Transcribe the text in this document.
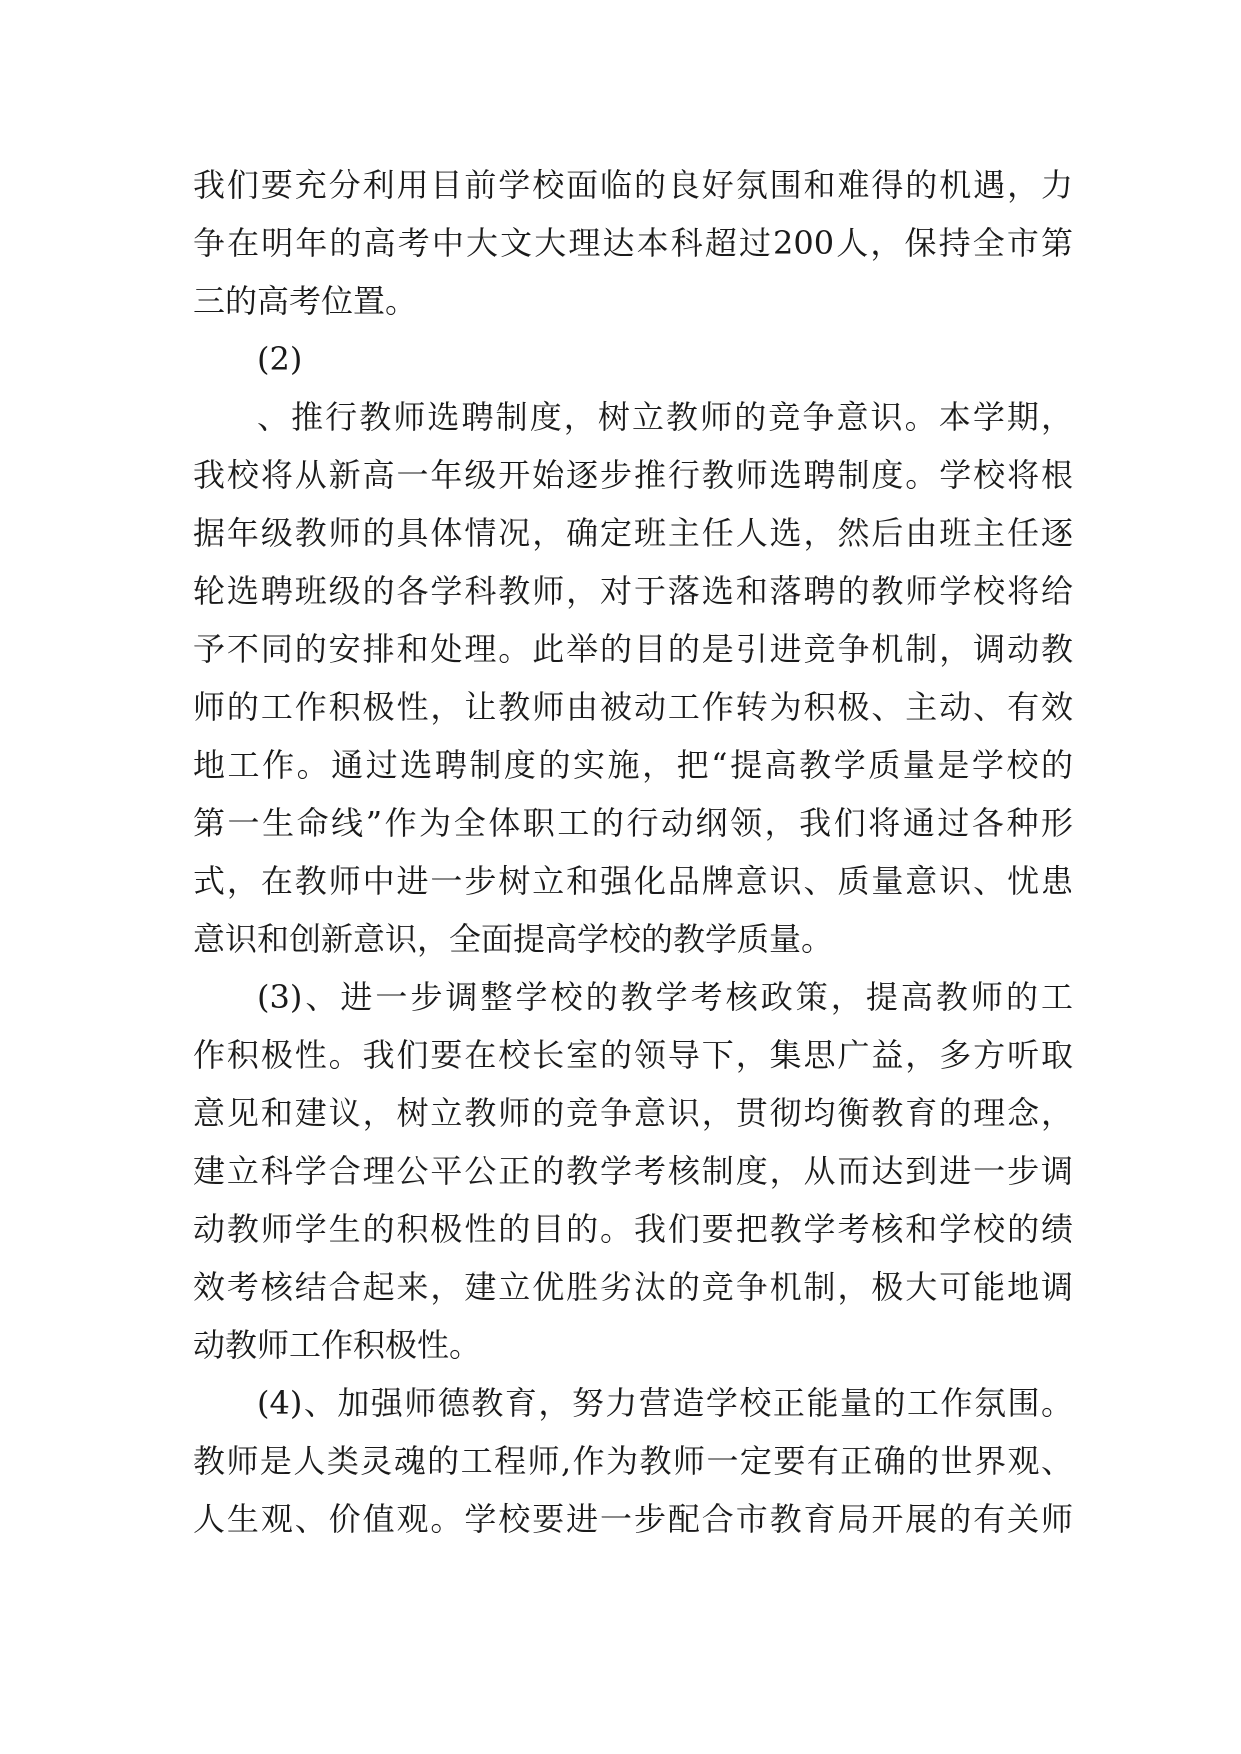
我们要充分利用目前学校面临的良好氛围和难得的机遇，力
争在明年的高考中大文大理达本科超过200人，保持全市第
三的高考位置。
(2)
、推行教师选聘制度，树立教师的竞争意识。本学期，
我校将从新高一年级开始逐步推行教师选聘制度。学校将根
据年级教师的具体情况，确定班主任人选，然后由班主任逐
轮选聘班级的各学科教师，对于落选和落聘的教师学校将给
予不同的安排和处理。此举的目的是引进竞争机制，调动教
师的工作积极性，让教师由被动工作转为积极、主动、有效
地工作。通过选聘制度的实施，把“提高教学质量是学校的
第一生命线”作为全体职工的行动纲领，我们将通过各种形
式，在教师中进一步树立和强化品牌意识、质量意识、忧患
意识和创新意识，全面提高学校的教学质量。
(3)、进一步调整学校的教学考核政策，提高教师的工
作积极性。我们要在校长室的领导下，集思广益，多方听取
意见和建议，树立教师的竞争意识，贯彻均衡教育的理念，
建立科学合理公平公正的教学考核制度，从而达到进一步调
动教师学生的积极性的目的。我们要把教学考核和学校的绩
效考核结合起来，建立优胜劣汰的竞争机制，极大可能地调
动教师工作积极性。
(4)、加强师德教育，努力营造学校正能量的工作氛围。
教师是人类灵魂的工程师,作为教师一定要有正确的世界观、
人生观、价值观。学校要进一步配合市教育局开展的有关师
